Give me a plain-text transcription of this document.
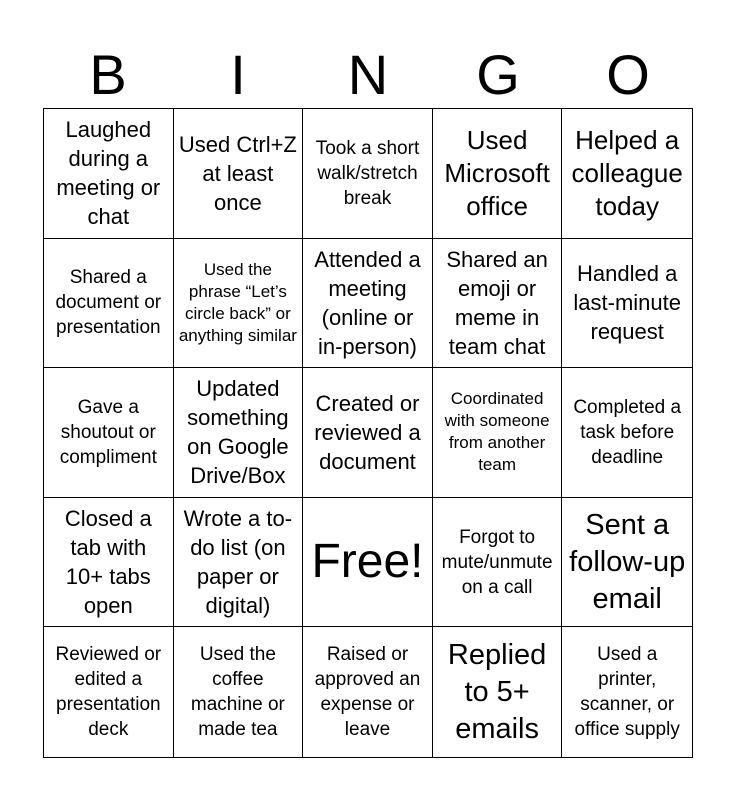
B	I	N	G	O
Laughed during a meeting or chat
Used Ctrl+Z at least once
Took a short walk/stretch break
Used Microsoft office
Helped a colleague today
Shared a document or presentation
Used the phrase “Let’s circle back” or anything similar
Attended a meeting (online or in-person)
Shared an emoji or meme in team chat
Handled a last-minute request
Gave a shoutout or compliment
Updated something on Google Drive/Box
Created or reviewed a document
Coordinated with someone from another team
Completed a task before deadline
Closed a tab with 10+ tabs open
Wrote a to-do list (on paper or digital)
Free!	Forgot to mute/unmute on a call
Sent a follow-up email
Reviewed or edited a presentation deck
Used the coffee machine or made tea
Raised or approved an expense or leave
Replied to 5+ emails
Used a printer, scanner, or office supply
